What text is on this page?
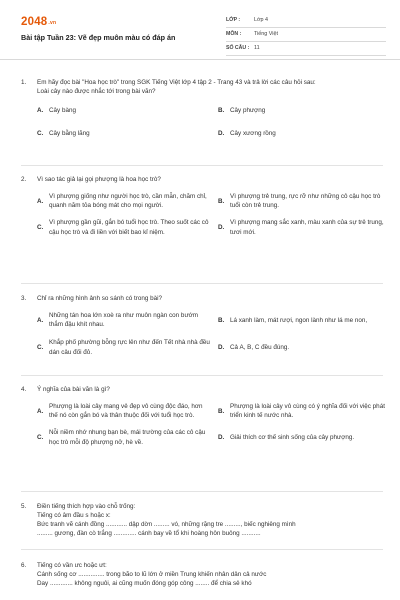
2048.vn
Bài tập Tuần 23: Vẽ đẹp muôn màu có đáp án
LỚP :	Lớp 4
MÔN :	Tiếng Việt
SỐ CÂU : 11
1.	Em hãy đọc bài "Hoa học trò" trong SGK Tiếng Việt lớp 4 tập 2 - Trang 43 và trả lời các câu hỏi sau:
Loài cây nào được nhắc tới trong bài văn?
A. Cây bàng	B. Cây phượng
C. Cây bằng lăng	D. Cây xương rồng
2.	Vì sao tác giả lại gọi phượng là hoa học trò?
A.
Vì phượng giống như người học trò, cần mẫn, chăm chỉ, quanh năm tỏa bóng mát cho mọi người.
B.
Vì phượng trẻ trung, rực rỡ như những cô cậu học trò tuổi còn trẻ trung.
C.
Vì phượng gần gũi, gắn bó tuổi học trò. Theo suốt các cô cậu học trò và đi liền với biết bao kỉ niệm.
D.
Vì phượng mang sắc xanh, màu xanh của sự trẻ trung, tươi mới.
3.	Chỉ ra những hình ảnh so sánh có trong bài?
A.
Những tán hoa lớn xoè ra như muôn ngàn con bướm thắm đậu khít nhau.
B. Lá xanh làm, mát rượi, ngon lành như lá me non,
C.
Khắp phố phường bỗng rực lên như đến Tết nhà nhà đều dán câu đối đỏ.
D. Cả A, B, C đều đúng.
4.	Ý nghĩa của bài văn là gì?
A.
Phượng là loài cây mang vẻ đẹp vô cùng độc đáo, hơn thế nó còn gắn bó và thân thuộc đối với tuổi học trò.
B.
Phượng là loài cây vô cùng có ý nghĩa đối với việc phát triển kinh tế nước nhà.
C.
Nỗi niềm nhớ nhung bạn bè, mái trường của các cô cậu học trò mỗi độ phượng nở, hè về.
D. Giải thích cơ thế sinh sống của cây phượng.
5.	Điền tiếng thích hợp vào chỗ trống:
Tiếng có âm đầu s hoặc x:
Bức tranh vẽ cánh đồng ............ dập dờn ......... vó, những rặng tre ........., biếc nghiêng mình
......... gương, đàn cò trắng ............. cánh bay về tổ khi hoàng hôn buông ...........
6.	Tiếng có vần ưc hoặc ưt:
Cánh sống cơ ............... trong bão to lũ lớn ở miền Trung khiến nhân dân cả nước
Day ............. không nguôi, ai cũng muốn đóng góp công ........ để chia sẻ khó
